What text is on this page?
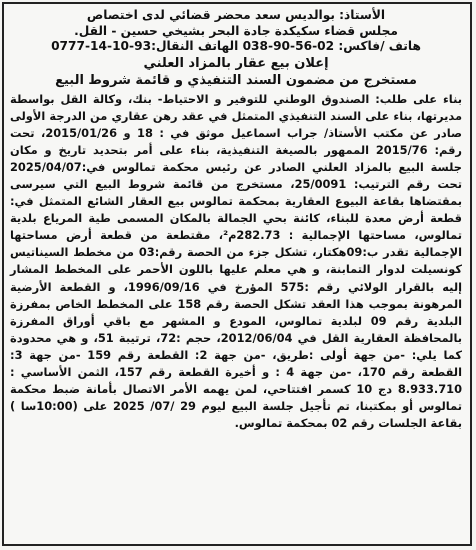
الأستاذ: بوالديس سعد محضر قضائي لدى اختصاص

مجلس قضاء سكيكدة جادة البحر بشيخي حسين - القل.

هاتف /فاكس: 02-56-90-038 الهاتف النقال:93-10-14-0777

إعلان بيع عقار بالمزاد العلني

مستخرج من مضمون السند التنفيذي و قائمة شروط البيع

بناء على طلب: الصندوق الوطني للتوفير و الاحتياط- بنك، وكالة القل بواسطة مديرتها، بناء على السند التنفيذي المتمثل في عقد رهن عقاري من الدرجة الأولى صادر عن مكتب الأستاذ/ جراب اسماعيل موثق في : 18 و 2015/01/26، تحت رقم: 2015/76 الممهور بالصيغة التنفيذية، بناء على أمر بتحديد تاريخ و مكان جلسة البيع بالمزاد العلني الصادر عن رئيس محكمة تمالوس في:2025/04/07 تحت رقم الترتيب: 25/0091، مستخرج من قائمة شروط البيع التي سيرسى بمقتضاها بقاعة البيوع العقارية بمحكمة تمالوس بيع العقار الشائع المتمثل في: قطعة أرض معدة للبناء، كائنة بحي الجمالة بالمكان المسمى طية المرياع بلدية تمالوس، مساحتها الإجمالية : 282.73م²، مقتطعة من قطعة أرض مساحتها الإجمالية تقدر ب:09هكتار، تشكل جزء من الحصة رقم:03 من مخطط السيناتيس كونسيلت لدوار التمابنة، و هي معلم عليها باللون الأحمر على المخطط المشار إليه بالقرار الولائي رقم :575 المؤرخ في 1996/09/16، و القطعة الأرضية المرهونة بموجب هذا العقد تشكل الحصة رقم 158 على المخطط الخاص بمفرزة البلدية رقم 09 لبلدية تمالوس، المودع و المشهر مع باقي أوراق المفرزة بالمحافظة العقارية القل في 2012/06/04، حجم :72، ترتيبة 51، و هي محدودة كما يلي: -من جهة أولى :طريق، -من جهة 2: القطعة رقم 159 -من جهة 3: القطعة رقم 170، -من جهة 4 : و أخيرة القطعة رقم 157، الثمن الأساسي : 8.933.710 دج 10 كسمر افتتاحي، لمن يهمه الأمر الاتصال بأمانة ضبط محكمة تمالوس أو بمكتبنا، تم تأجيل جلسة البيع ليوم 29 /07/ 2025 على (10:00سا ) بقاعة الجلسات رقم 02 بمحكمة تمالوس.
